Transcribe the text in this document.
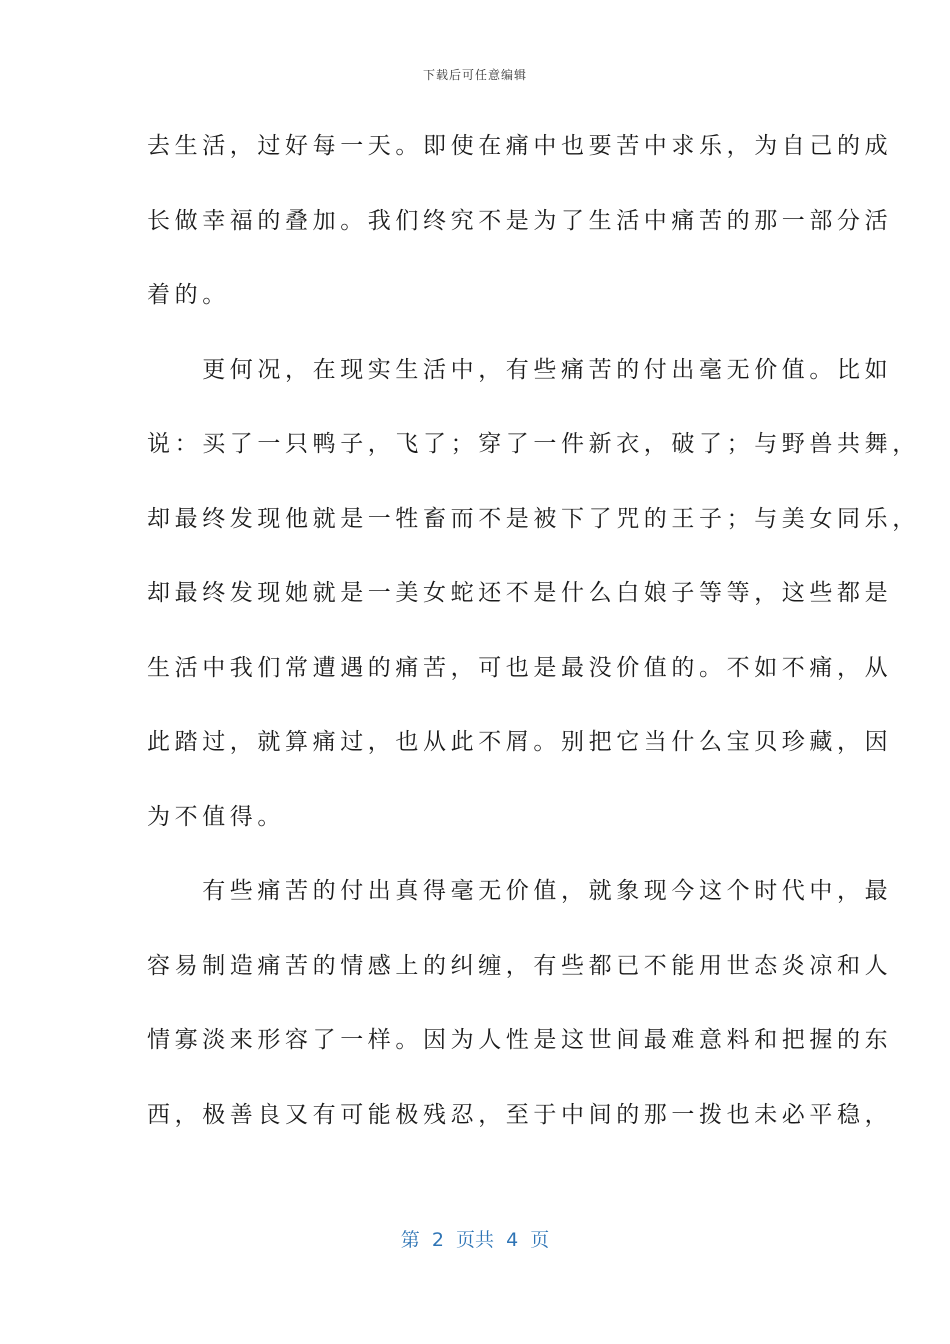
下载后可任意编辑
去生活，过好每一天。即使在痛中也要苦中求乐，为自己的成
长做幸福的叠加。我们终究不是为了生活中痛苦的那一部分活
着的。
　　更何况，在现实生活中，有些痛苦的付出毫无价值。比如
说：买了一只鸭子，飞了；穿了一件新衣，破了；与野兽共舞，
却最终发现他就是一牲畜而不是被下了咒的王子；与美女同乐，
却最终发现她就是一美女蛇还不是什么白娘子等等，这些都是
生活中我们常遭遇的痛苦，可也是最没价值的。不如不痛，从
此踏过，就算痛过，也从此不屑。别把它当什么宝贝珍藏，因
为不值得。
　　有些痛苦的付出真得毫无价值，就象现今这个时代中，最
容易制造痛苦的情感上的纠缠，有些都已不能用世态炎凉和人
情寡淡来形容了一样。因为人性是这世间最难意料和把握的东
西，极善良又有可能极残忍，至于中间的那一拨也未必平稳，
第  2  页共  4  页
